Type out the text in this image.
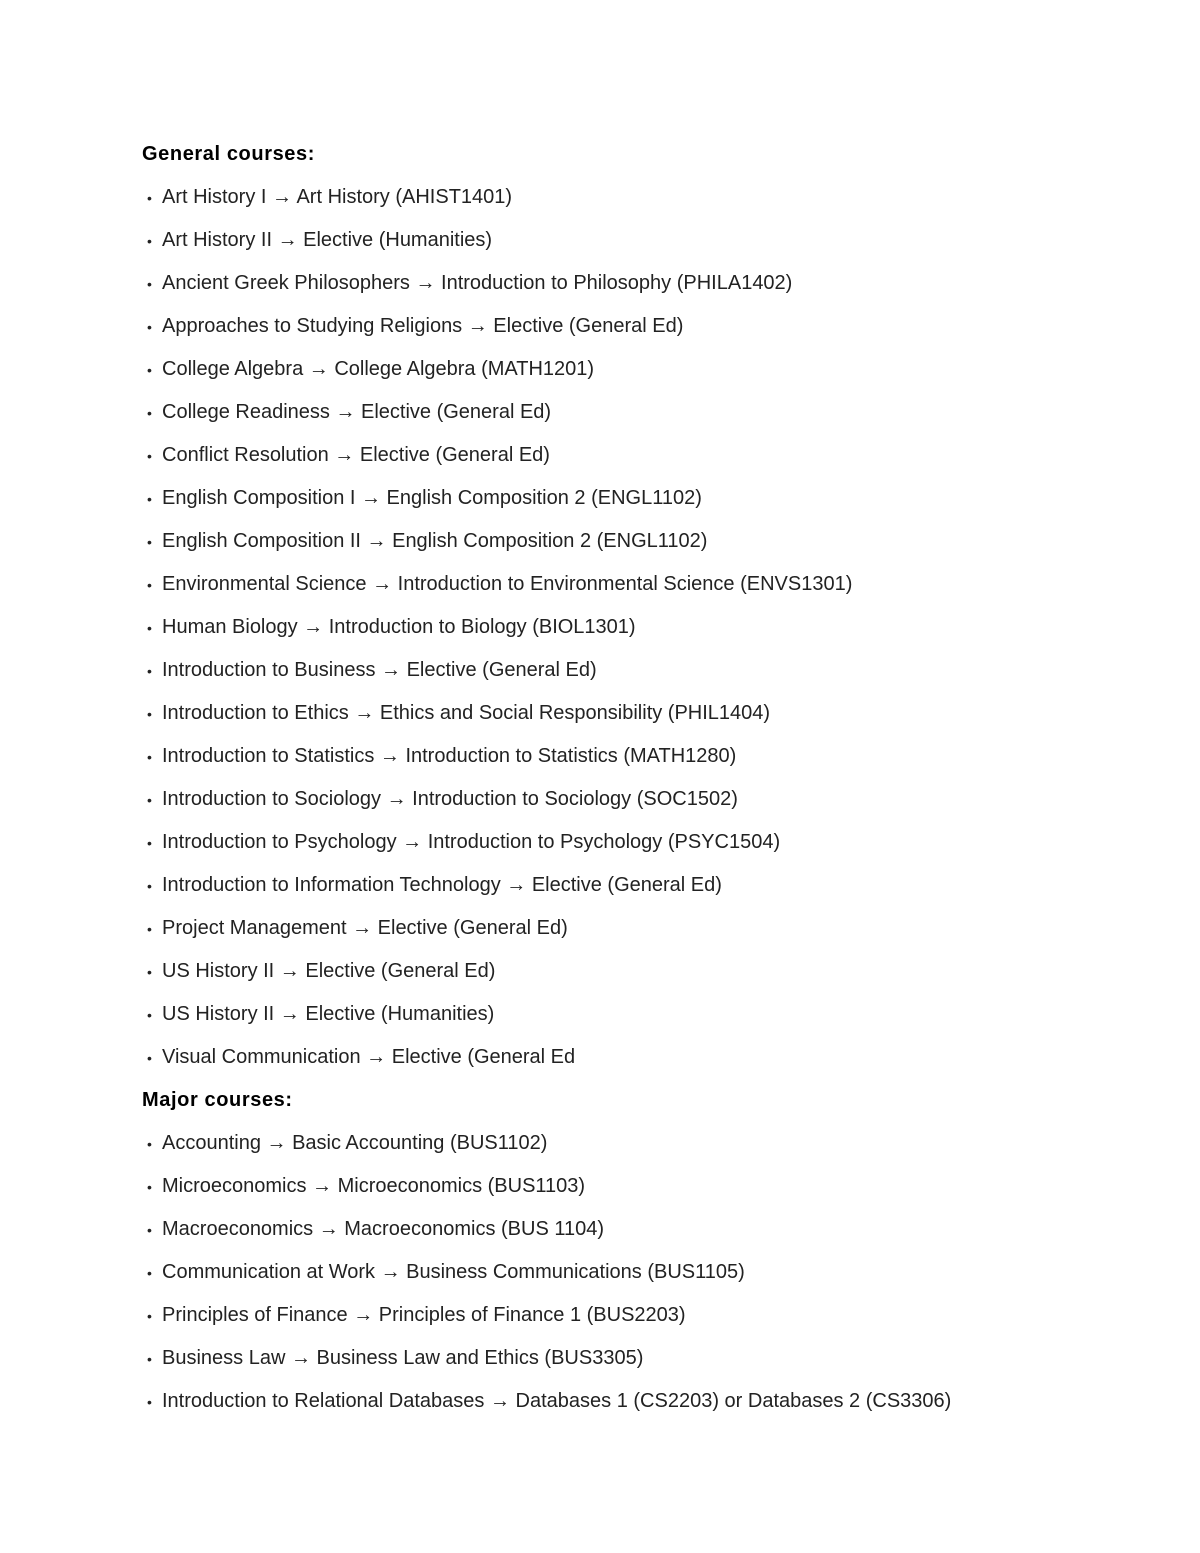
General courses:
• Art History I → Art History (AHIST1401)
• Art History II → Elective (Humanities)
• Ancient Greek Philosophers → Introduction to Philosophy (PHILA1402)
• Approaches to Studying Religions → Elective (General Ed)
• College Algebra → College Algebra (MATH1201)
• College Readiness → Elective (General Ed)
• Conflict Resolution → Elective (General Ed)
• English Composition I → English Composition 2 (ENGL1102)
• English Composition II → English Composition 2 (ENGL1102)
• Environmental Science → Introduction to Environmental Science (ENVS1301)
• Human Biology → Introduction to Biology (BIOL1301)
• Introduction to Business → Elective (General Ed)
• Introduction to Ethics → Ethics and Social Responsibility (PHIL1404)
• Introduction to Statistics → Introduction to Statistics (MATH1280)
• Introduction to Sociology → Introduction to Sociology (SOC1502)
• Introduction to Psychology → Introduction to Psychology (PSYC1504)
• Introduction to Information Technology → Elective (General Ed)
• Project Management → Elective (General Ed)
• US History II → Elective (General Ed)
• US History II → Elective (Humanities)
• Visual Communication → Elective (General Ed
Major courses:
• Accounting → Basic Accounting (BUS1102)
• Microeconomics → Microeconomics (BUS1103)
• Macroeconomics → Macroeconomics (BUS 1104)
• Communication at Work → Business Communications (BUS1105)
• Principles of Finance → Principles of Finance 1 (BUS2203)
• Business Law → Business Law and Ethics (BUS3305)
• Introduction to Relational Databases → Databases 1 (CS2203) or Databases 2 (CS3306)
